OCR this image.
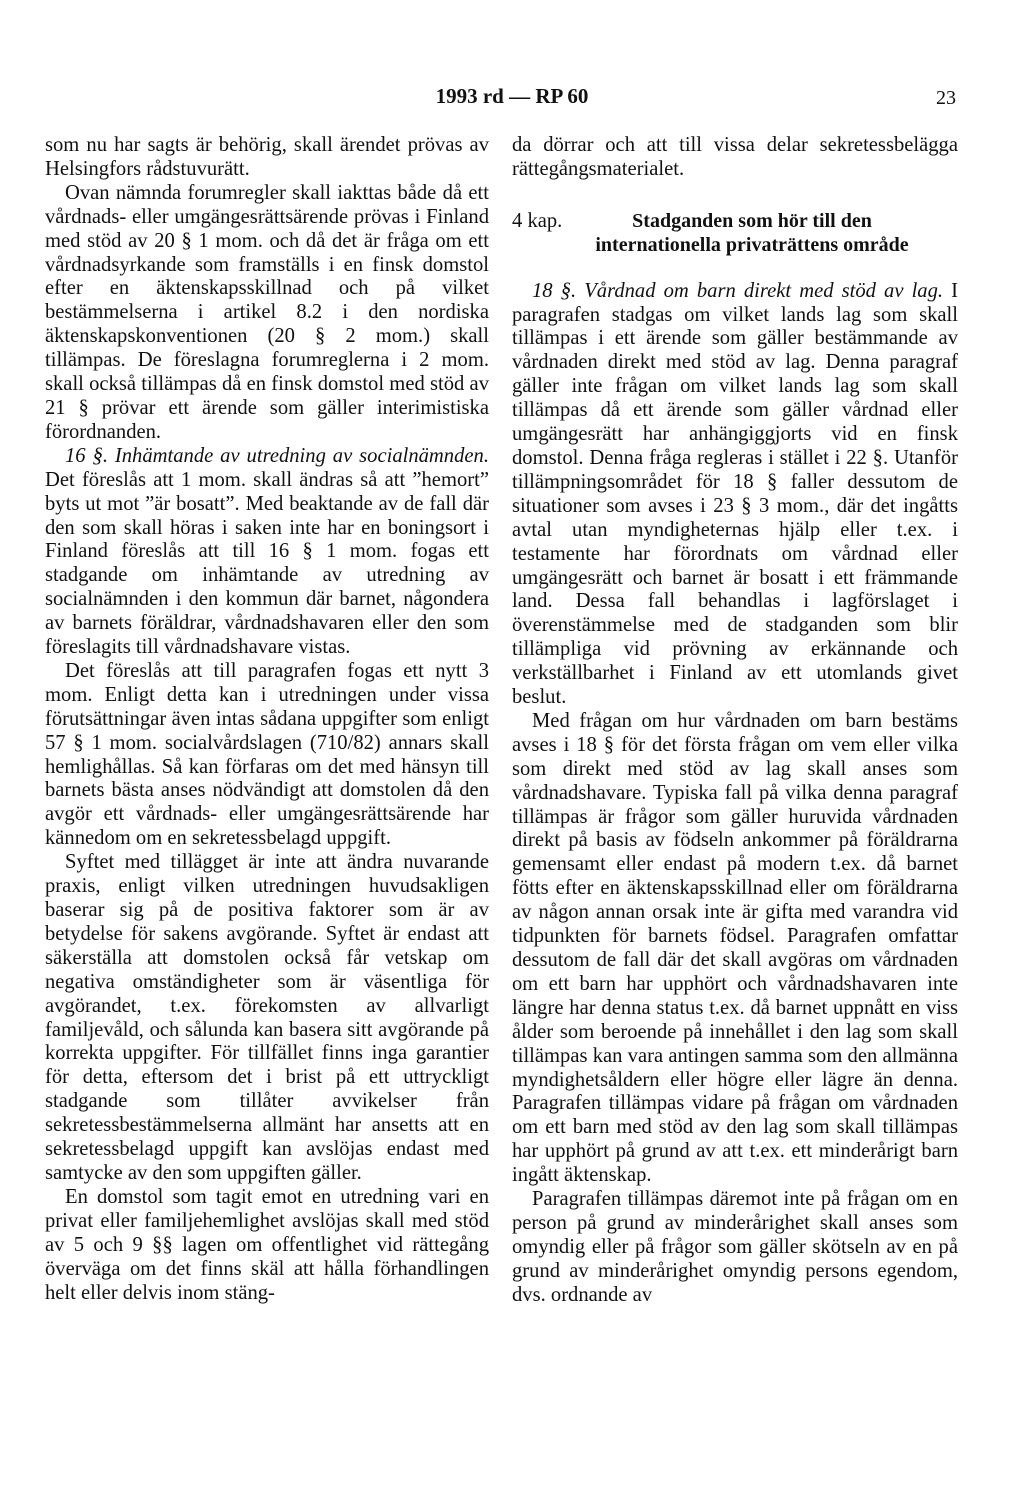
1993 rd — RP 60	23

som nu har sagts är behörig, skall ärendet prövas av Helsingfors rådstuvurätt.

Ovan nämnda forumregler skall iakttas både då ett vårdnads- eller umgängesrättsärende prövas i Finland med stöd av 20 § 1 mom. och då det är fråga om ett vårdnadsyrkande som framställs i en finsk domstol efter en äktenskapsskillnad och på vilket bestämmelserna i artikel 8.2 i den nordiska äktenskapskonventionen (20 § 2 mom.) skall tillämpas. De föreslagna forumreglerna i 2 mom. skall också tillämpas då en finsk domstol med stöd av 21 § prövar ett ärende som gäller interimistiska förordnanden.

16 §. Inhämtande av utredning av socialnämnden. Det föreslås att 1 mom. skall ändras så att ”hemort” byts ut mot ”är bosatt”. Med beaktande av de fall där den som skall höras i saken inte har en boningsort i Finland föreslås att till 16 § 1 mom. fogas ett stadgande om inhämtande av utredning av socialnämnden i den kommun där barnet, någondera av barnets föräldrar, vårdnadshavaren eller den som föreslagits till vårdnadshavare vistas.

Det föreslås att till paragrafen fogas ett nytt 3 mom. Enligt detta kan i utredningen under vissa förutsättningar även intas sådana uppgifter som enligt 57 § 1 mom. socialvårdslagen (710/82) annars skall hemlighållas. Så kan förfaras om det med hänsyn till barnets bästa anses nödvändigt att domstolen då den avgör ett vårdnads- eller umgängesrättsärende har kännedom om en sekretessbelagd uppgift.

Syftet med tillägget är inte att ändra nuvarande praxis, enligt vilken utredningen huvudsakligen baserar sig på de positiva faktorer som är av betydelse för sakens avgörande. Syftet är endast att säkerställa att domstolen också får vetskap om negativa omständigheter som är väsentliga för avgörandet, t.ex. förekomsten av allvarligt familjevåld, och sålunda kan basera sitt avgörande på korrekta uppgifter. För tillfället finns inga garantier för detta, eftersom det i brist på ett uttryckligt stadgande som tillåter avvikelser från sekretessbestämmelserna allmänt har ansetts att en sekretessbelagd uppgift kan avslöjas endast med samtycke av den som uppgiften gäller.

En domstol som tagit emot en utredning vari en privat eller familjehemlighet avslöjas skall med stöd av 5 och 9 §§ lagen om offentlighet vid rättegång överväga om det finns skäl att hålla förhandlingen helt eller delvis inom stäng-

da dörrar och att till vissa delar sekretessbelägga rättegångsmaterialet.

4 kap.	Stadganden som hör till den internationella privaträttens område

18 §. Vårdnad om barn direkt med stöd av lag. I paragrafen stadgas om vilket lands lag som skall tillämpas i ett ärende som gäller bestämmande av vårdnaden direkt med stöd av lag. Denna paragraf gäller inte frågan om vilket lands lag som skall tillämpas då ett ärende som gäller vårdnad eller umgängesrätt har anhängiggjorts vid en finsk domstol. Denna fråga regleras i stället i 22 §. Utanför tillämpningsområdet för 18 § faller dessutom de situationer som avses i 23 § 3 mom., där det ingåtts avtal utan myndigheternas hjälp eller t.ex. i testamente har förordnats om vårdnad eller umgängesrätt och barnet är bosatt i ett främmande land. Dessa fall behandlas i lagförslaget i överenstämmelse med de stadganden som blir tillämpliga vid prövning av erkännande och verkställbarhet i Finland av ett utomlands givet beslut.

Med frågan om hur vårdnaden om barn bestäms avses i 18 § för det första frågan om vem eller vilka som direkt med stöd av lag skall anses som vårdnadshavare. Typiska fall på vilka denna paragraf tillämpas är frågor som gäller huruvida vårdnaden direkt på basis av födseln ankommer på föräldrarna gemensamt eller endast på modern t.ex. då barnet fötts efter en äktenskapsskillnad eller om föräldrarna av någon annan orsak inte är gifta med varandra vid tidpunkten för barnets födsel. Paragrafen omfattar dessutom de fall där det skall avgöras om vårdnaden om ett barn har upphört och vårdnadshavaren inte längre har denna status t.ex. då barnet uppnått en viss ålder som beroende på innehållet i den lag som skall tillämpas kan vara antingen samma som den allmänna myndighetsåldern eller högre eller lägre än denna. Paragrafen tillämpas vidare på frågan om vårdnaden om ett barn med stöd av den lag som skall tillämpas har upphört på grund av att t.ex. ett minderårigt barn ingått äktenskap.

Paragrafen tillämpas däremot inte på frågan om en person på grund av minderårighet skall anses som omyndig eller på frågor som gäller skötseln av en på grund av minderårighet omyndig persons egendom, dvs. ordnande av
